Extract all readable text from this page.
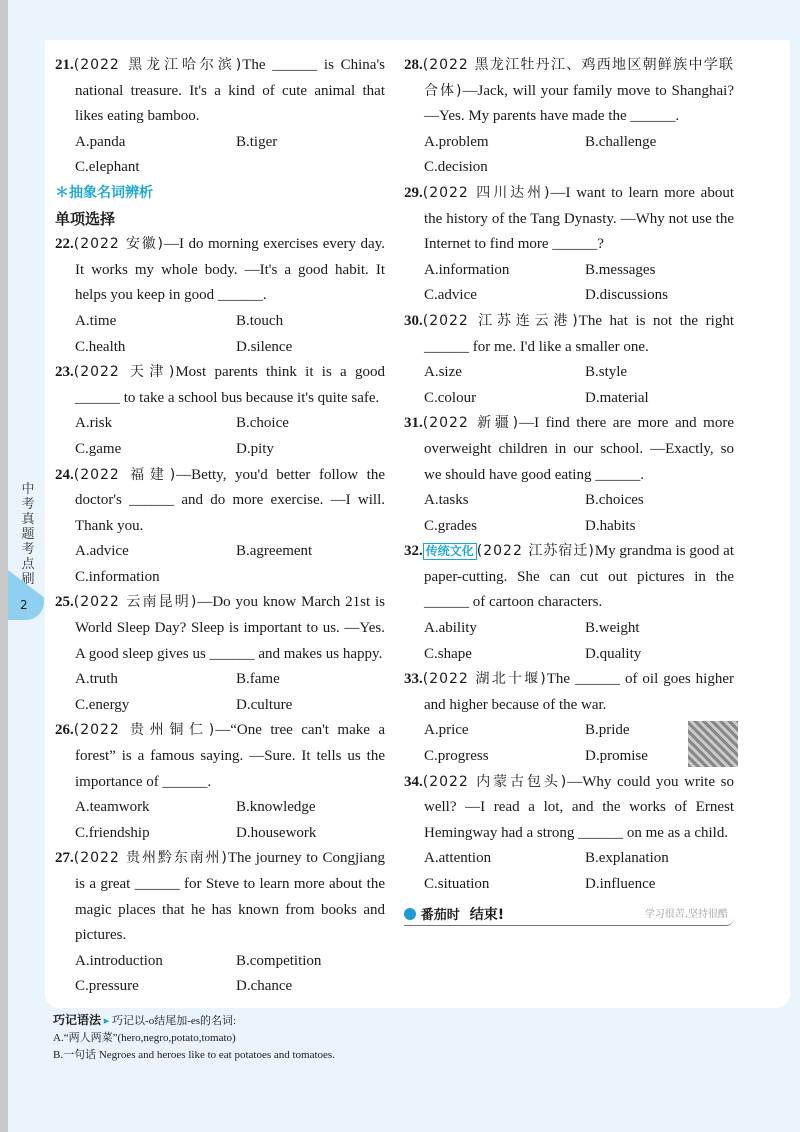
中考真题考点刷
2
21.(2022 黑龙江哈尔滨)The ______ is China's national treasure. It's a kind of cute animal that likes eating bamboo.
A.panda	B.tiger
C.elephant
＊抽象名词辨析
单项选择
22.(2022 安徽)—I do morning exercises every day. It works my whole body. —It's a good habit. It helps you keep in good ______.
A.time	B.touch
C.health	D.silence
23.(2022 天津)Most parents think it is a good ______ to take a school bus because it's quite safe.
A.risk	B.choice
C.game	D.pity
24.(2022 福建)—Betty, you'd better follow the doctor's ______ and do more exercise. —I will. Thank you.
A.advice	B.agreement
C.information
25.(2022 云南昆明)—Do you know March 21st is World Sleep Day? Sleep is important to us. —Yes. A good sleep gives us ______ and makes us happy.
A.truth	B.fame
C.energy	D.culture
26.(2022 贵州铜仁)—“One tree can't make a forest” is a famous saying. —Sure. It tells us the importance of ______.
A.teamwork	B.knowledge
C.friendship	D.housework
27.(2022 贵州黔东南州)The journey to Congjiang is a great ______ for Steve to learn more about the magic places that he has known from books and pictures.
A.introduction	B.competition
C.pressure	D.chance
28.(2022 黑龙江牡丹江、鸡西地区朝鲜族中学联合体)—Jack, will your family move to Shanghai? —Yes. My parents have made the ______.
A.problem	B.challenge
C.decision
29.(2022 四川达州)—I want to learn more about the history of the Tang Dynasty. —Why not use the Internet to find more ______?
A.information	B.messages
C.advice	D.discussions
30.(2022 江苏连云港)The hat is not the right ______ for me. I'd like a smaller one.
A.size	B.style
C.colour	D.material
31.(2022 新疆)—I find there are more and more overweight children in our school. —Exactly, so we should have good eating ______.
A.tasks	B.choices
C.grades	D.habits
32. 传统文化 (2022 江苏宿迁)My grandma is good at paper-cutting. She can cut out pictures in the ______ of cartoon characters.
A.ability	B.weight
C.shape	D.quality
33.(2022 湖北十堰)The ______ of oil goes higher and higher because of the war.
A.price	B.pride
C.progress	D.promise
34.(2022 内蒙古包头)—Why could you write so well? —I read a lot, and the works of Ernest Hemingway had a strong ______ on me as a child.
A.attention	B.explanation
C.situation	D.influence
番茄时 结束!	学习很苦,坚持很酷
巧记语法 ▸ 巧记以-o结尾加-es的名词:
A.“两人两菜”(hero,negro,potato,tomato)
B.一句话 Negroes and heroes like to eat potatoes and tomatoes.
